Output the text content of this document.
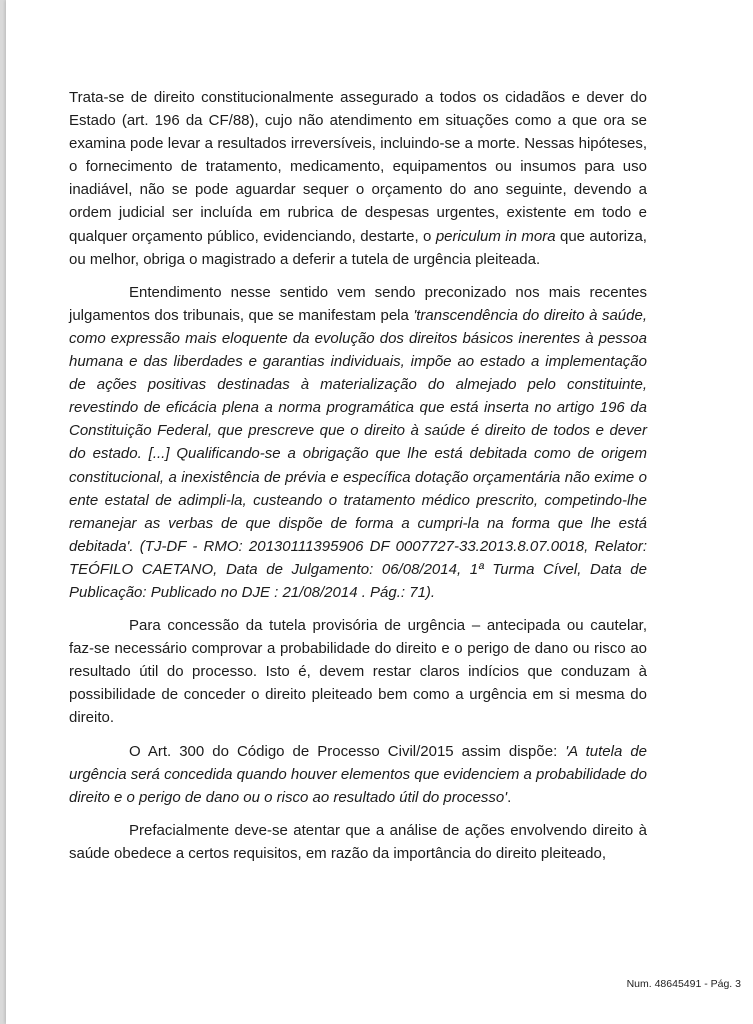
Trata-se de direito constitucionalmente assegurado a todos os cidadãos e dever do Estado (art. 196 da CF/88), cujo não atendimento em situações como a que ora se examina pode levar a resultados irreversíveis, incluindo-se a morte. Nessas hipóteses, o fornecimento de tratamento, medicamento, equipamentos ou insumos para uso inadiável, não se pode aguardar sequer o orçamento do ano seguinte, devendo a ordem judicial ser incluída em rubrica de despesas urgentes, existente em todo e qualquer orçamento público, evidenciando, destarte, o periculum in mora que autoriza, ou melhor, obriga o magistrado a deferir a tutela de urgência pleiteada.

Entendimento nesse sentido vem sendo preconizado nos mais recentes julgamentos dos tribunais, que se manifestam pela 'transcendência do direito à saúde, como expressão mais eloquente da evolução dos direitos básicos inerentes à pessoa humana e das liberdades e garantias individuais, impõe ao estado a implementação de ações positivas destinadas à materialização do almejado pelo constituinte, revestindo de eficácia plena a norma programática que está inserta no artigo 196 da Constituição Federal, que prescreve que o direito à saúde é direito de todos e dever do estado. [...] Qualificando-se a obrigação que lhe está debitada como de origem constitucional, a inexistência de prévia e específica dotação orçamentária não exime o ente estatal de adimpli-la, custeando o tratamento médico prescrito, competindo-lhe remanejar as verbas de que dispõe de forma a cumpri-la na forma que lhe está debitada'. (TJ-DF - RMO: 20130111395906 DF 0007727-33.2013.8.07.0018, Relator: TEÓFILO CAETANO, Data de Julgamento: 06/08/2014, 1ª Turma Cível, Data de Publicação: Publicado no DJE : 21/08/2014 . Pág.: 71).

Para concessão da tutela provisória de urgência – antecipada ou cautelar, faz-se necessário comprovar a probabilidade do direito e o perigo de dano ou risco ao resultado útil do processo. Isto é, devem restar claros indícios que conduzam à possibilidade de conceder o direito pleiteado bem como a urgência em si mesma do direito.

O Art. 300 do Código de Processo Civil/2015 assim dispõe: 'A tutela de urgência será concedida quando houver elementos que evidenciem a probabilidade do direito e o perigo de dano ou o risco ao resultado útil do processo'.

Prefacialmente deve-se atentar que a análise de ações envolvendo direito à saúde obedece a certos requisitos, em razão da importância do direito pleiteado,

Num. 48645491 - Pág. 3
